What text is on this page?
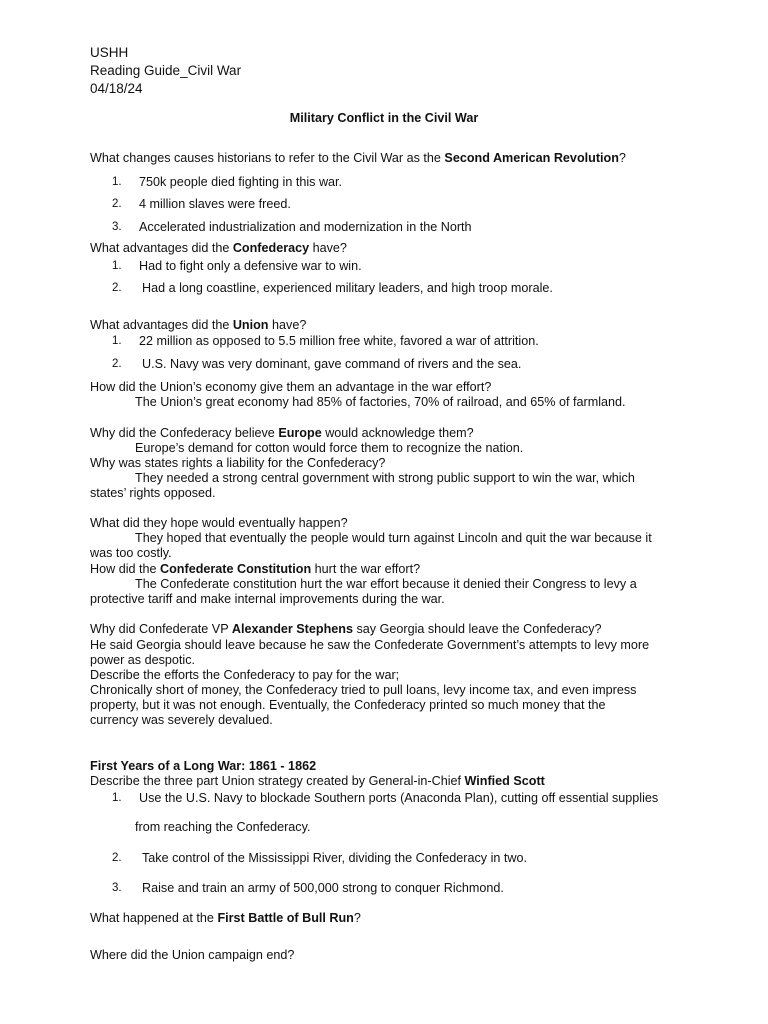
USHH
Reading Guide_Civil War
04/18/24
Military Conflict in the Civil War
What changes causes historians to refer to the Civil War as the Second American Revolution?
1. 750k people died fighting in this war.
2. 4 million slaves were freed.
3. Accelerated industrialization and modernization in the North
What advantages did the Confederacy have?
1. Had to fight only a defensive war to win.
2. Had a long coastline, experienced military leaders, and high troop morale.
What advantages did the Union have?
1. 22 million as opposed to 5.5 million free white, favored a war of attrition.
2. U.S. Navy was very dominant, gave command of rivers and the sea.
How did the Union’s economy give them an advantage in the war effort?
The Union’s great economy had 85% of factories, 70% of railroad, and 65% of farmland.
Why did the Confederacy believe Europe would acknowledge them?
Europe’s demand for cotton would force them to recognize the nation.
Why was states rights a liability for the Confederacy?
They needed a strong central government with strong public support to win the war, which
states’ rights opposed.
What did they hope would eventually happen?
They hoped that eventually the people would turn against Lincoln and quit the war because it
was too costly.
How did the Confederate Constitution hurt the war effort?
The Confederate constitution hurt the war effort because it denied their Congress to levy a
protective tariff and make internal improvements during the war.
Why did Confederate VP Alexander Stephens say Georgia should leave the Confederacy?
He said Georgia should leave because he saw the Confederate Government’s attempts to levy more
power as despotic.
Describe the efforts the Confederacy to pay for the war;
Chronically short of money, the Confederacy tried to pull loans, levy income tax, and even impress
property, but it was not enough. Eventually, the Confederacy printed so much money that the
currency was severely devalued.
First Years of a Long War: 1861 - 1862
Describe the three part Union strategy created by General-in-Chief Winfied Scott
1. Use the U.S. Navy to blockade Southern ports (Anaconda Plan), cutting off essential supplies
from reaching the Confederacy.
2. Take control of the Mississippi River, dividing the Confederacy in two.
3. Raise and train an army of 500,000 strong to conquer Richmond.
What happened at the First Battle of Bull Run?
Where did the Union campaign end?
